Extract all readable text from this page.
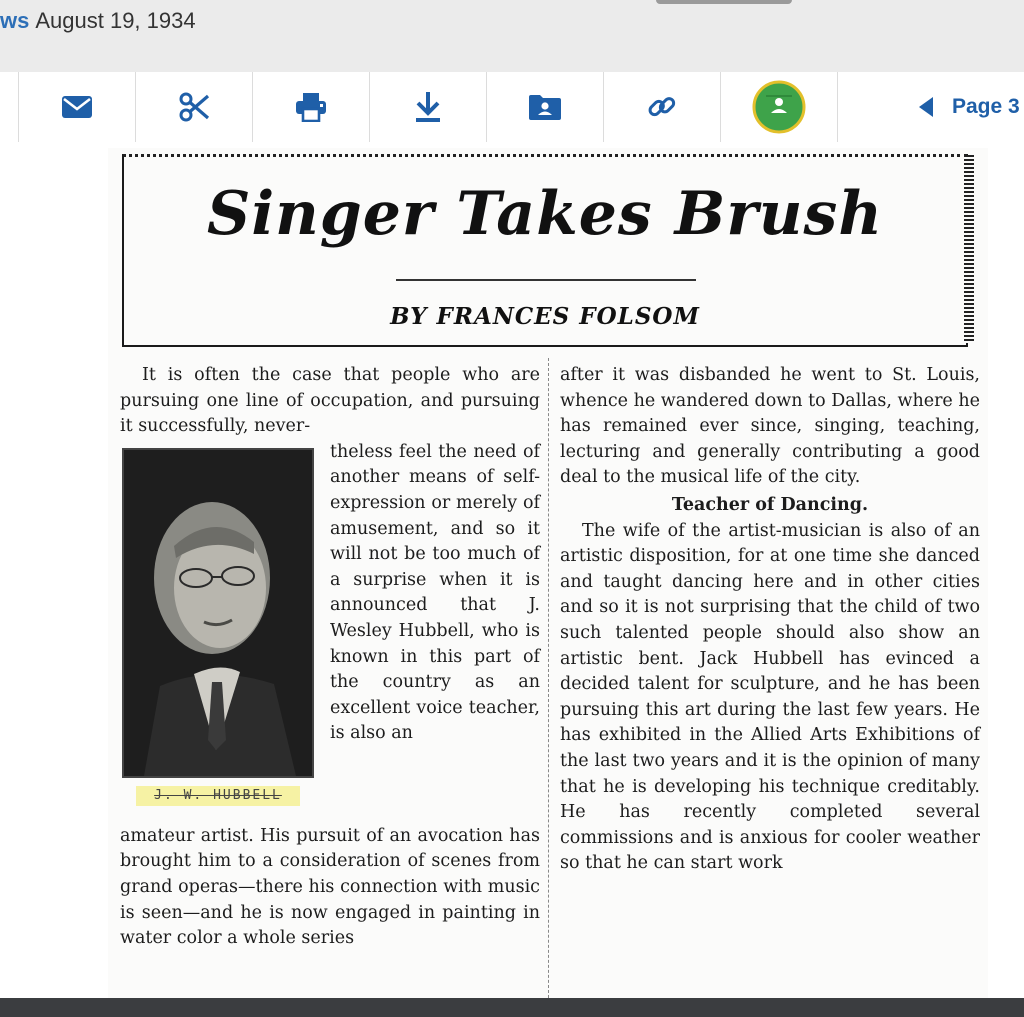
ws August 19, 1934
Page 3
Singer Takes Brush
BY FRANCES FOLSOM

It is often the case that people who are pursuing one line of occupation, and pursuing it successfully, never-

J. W. HUBBELL

theless feel the need of another means of self-expression or merely of amusement, and so it will not be too much of a surprise when it is announced that J. Wesley Hubbell, who is known in this part of the country as an excellent voice teacher, is also an

amateur artist. His pursuit of an avocation has brought him to a consideration of scenes from grand operas—there his connection with music is seen—and he is now engaged in painting in water color a whole series

after it was disbanded he went to St. Louis, whence he wandered down to Dallas, where he has remained ever since, singing, teaching, lecturing and generally contributing a good deal to the musical life of the city.

Teacher of Dancing.

The wife of the artist-musician is also of an artistic disposition, for at one time she danced and taught dancing here and in other cities and so it is not surprising that the child of two such talented people should also show an artistic bent. Jack Hubbell has evinced a decided talent for sculpture, and he has been pursuing this art during the last few years. He has exhibited in the Allied Arts Exhibitions of the last two years and it is the opinion of many that he is developing his technique creditably. He has recently completed several commissions and is anxious for cooler weather so that he can start work
